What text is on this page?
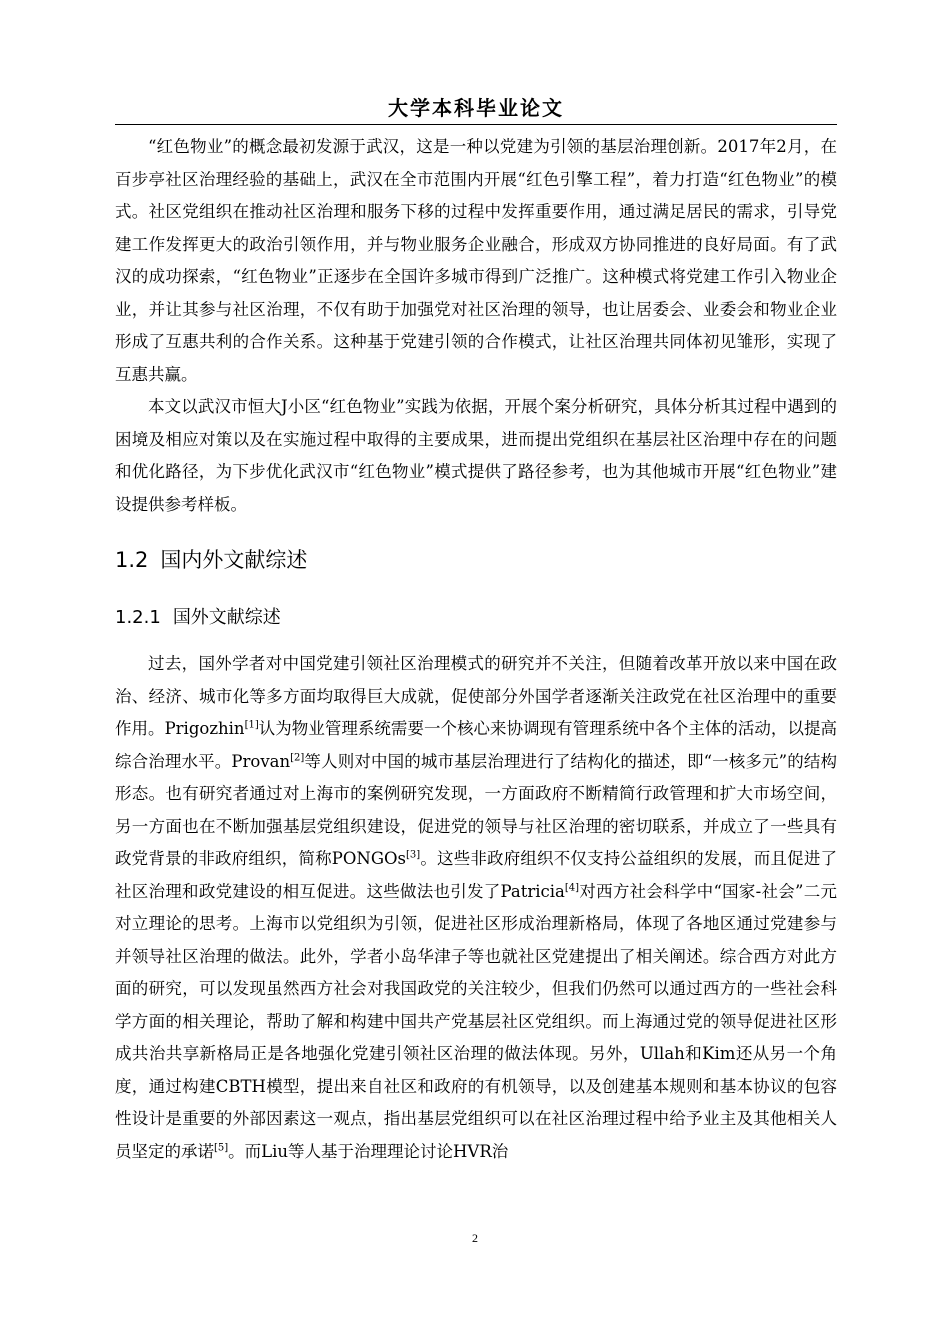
大学本科毕业论文

“红色物业”的概念最初发源于武汉，这是一种以党建为引领的基层治理创新。2017年2月，在百步亭社区治理经验的基础上，武汉在全市范围内开展“红色引擎工程”，着力打造“红色物业”的模式。社区党组织在推动社区治理和服务下移的过程中发挥重要作用，通过满足居民的需求，引导党建工作发挥更大的政治引领作用，并与物业服务企业融合，形成双方协同推进的良好局面。有了武汉的成功探索，“红色物业”正逐步在全国许多城市得到广泛推广。这种模式将党建工作引入物业企业，并让其参与社区治理，不仅有助于加强党对社区治理的领导，也让居委会、业委会和物业企业形成了互惠共利的合作关系。这种基于党建引领的合作模式，让社区治理共同体初见雏形，实现了互惠共赢。

本文以武汉市恒大J小区“红色物业”实践为依据，开展个案分析研究，具体分析其过程中遇到的困境及相应对策以及在实施过程中取得的主要成果，进而提出党组织在基层社区治理中存在的问题和优化路径，为下步优化武汉市“红色物业”模式提供了路径参考，也为其他城市开展“红色物业”建设提供参考样板。

1.2 国内外文献综述
1.2.1 国外文献综述

过去，国外学者对中国党建引领社区治理模式的研究并不关注，但随着改革开放以来中国在政治、经济、城市化等多方面均取得巨大成就，促使部分外国学者逐渐关注政党在社区治理中的重要作用。Prigozhin[1]认为物业管理系统需要一个核心来协调现有管理系统中各个主体的活动，以提高综合治理水平。Provan[2]等人则对中国的城市基层治理进行了结构化的描述，即“一核多元”的结构形态。也有研究者通过对上海市的案例研究发现，一方面政府不断精简行政管理和扩大市场空间，另一方面也在不断加强基层党组织建设，促进党的领导与社区治理的密切联系，并成立了一些具有政党背景的非政府组织，简称PONGOs[3]。这些非政府组织不仅支持公益组织的发展，而且促进了社区治理和政党建设的相互促进。这些做法也引发了Patricia[4]对西方社会科学中“国家-社会”二元对立理论的思考。上海市以党组织为引领，促进社区形成治理新格局，体现了各地区通过党建参与并领导社区治理的做法。此外，学者小岛华津子等也就社区党建提出了相关阐述。综合西方对此方面的研究，可以发现虽然西方社会对我国政党的关注较少，但我们仍然可以通过西方的一些社会科学方面的相关理论，帮助了解和构建中国共产党基层社区党组织。而上海通过党的领导促进社区形成共治共享新格局正是各地强化党建引领社区治理的做法体现。另外，Ullah和Kim还从另一个角度，通过构建CBTH模型，提出来自社区和政府的有机领导，以及创建基本规则和基本协议的包容性设计是重要的外部因素这一观点，指出基层党组织可以在社区治理过程中给予业主及其他相关人员坚定的承诺[5]。而Liu等人基于治理理论讨论HVR治

2
